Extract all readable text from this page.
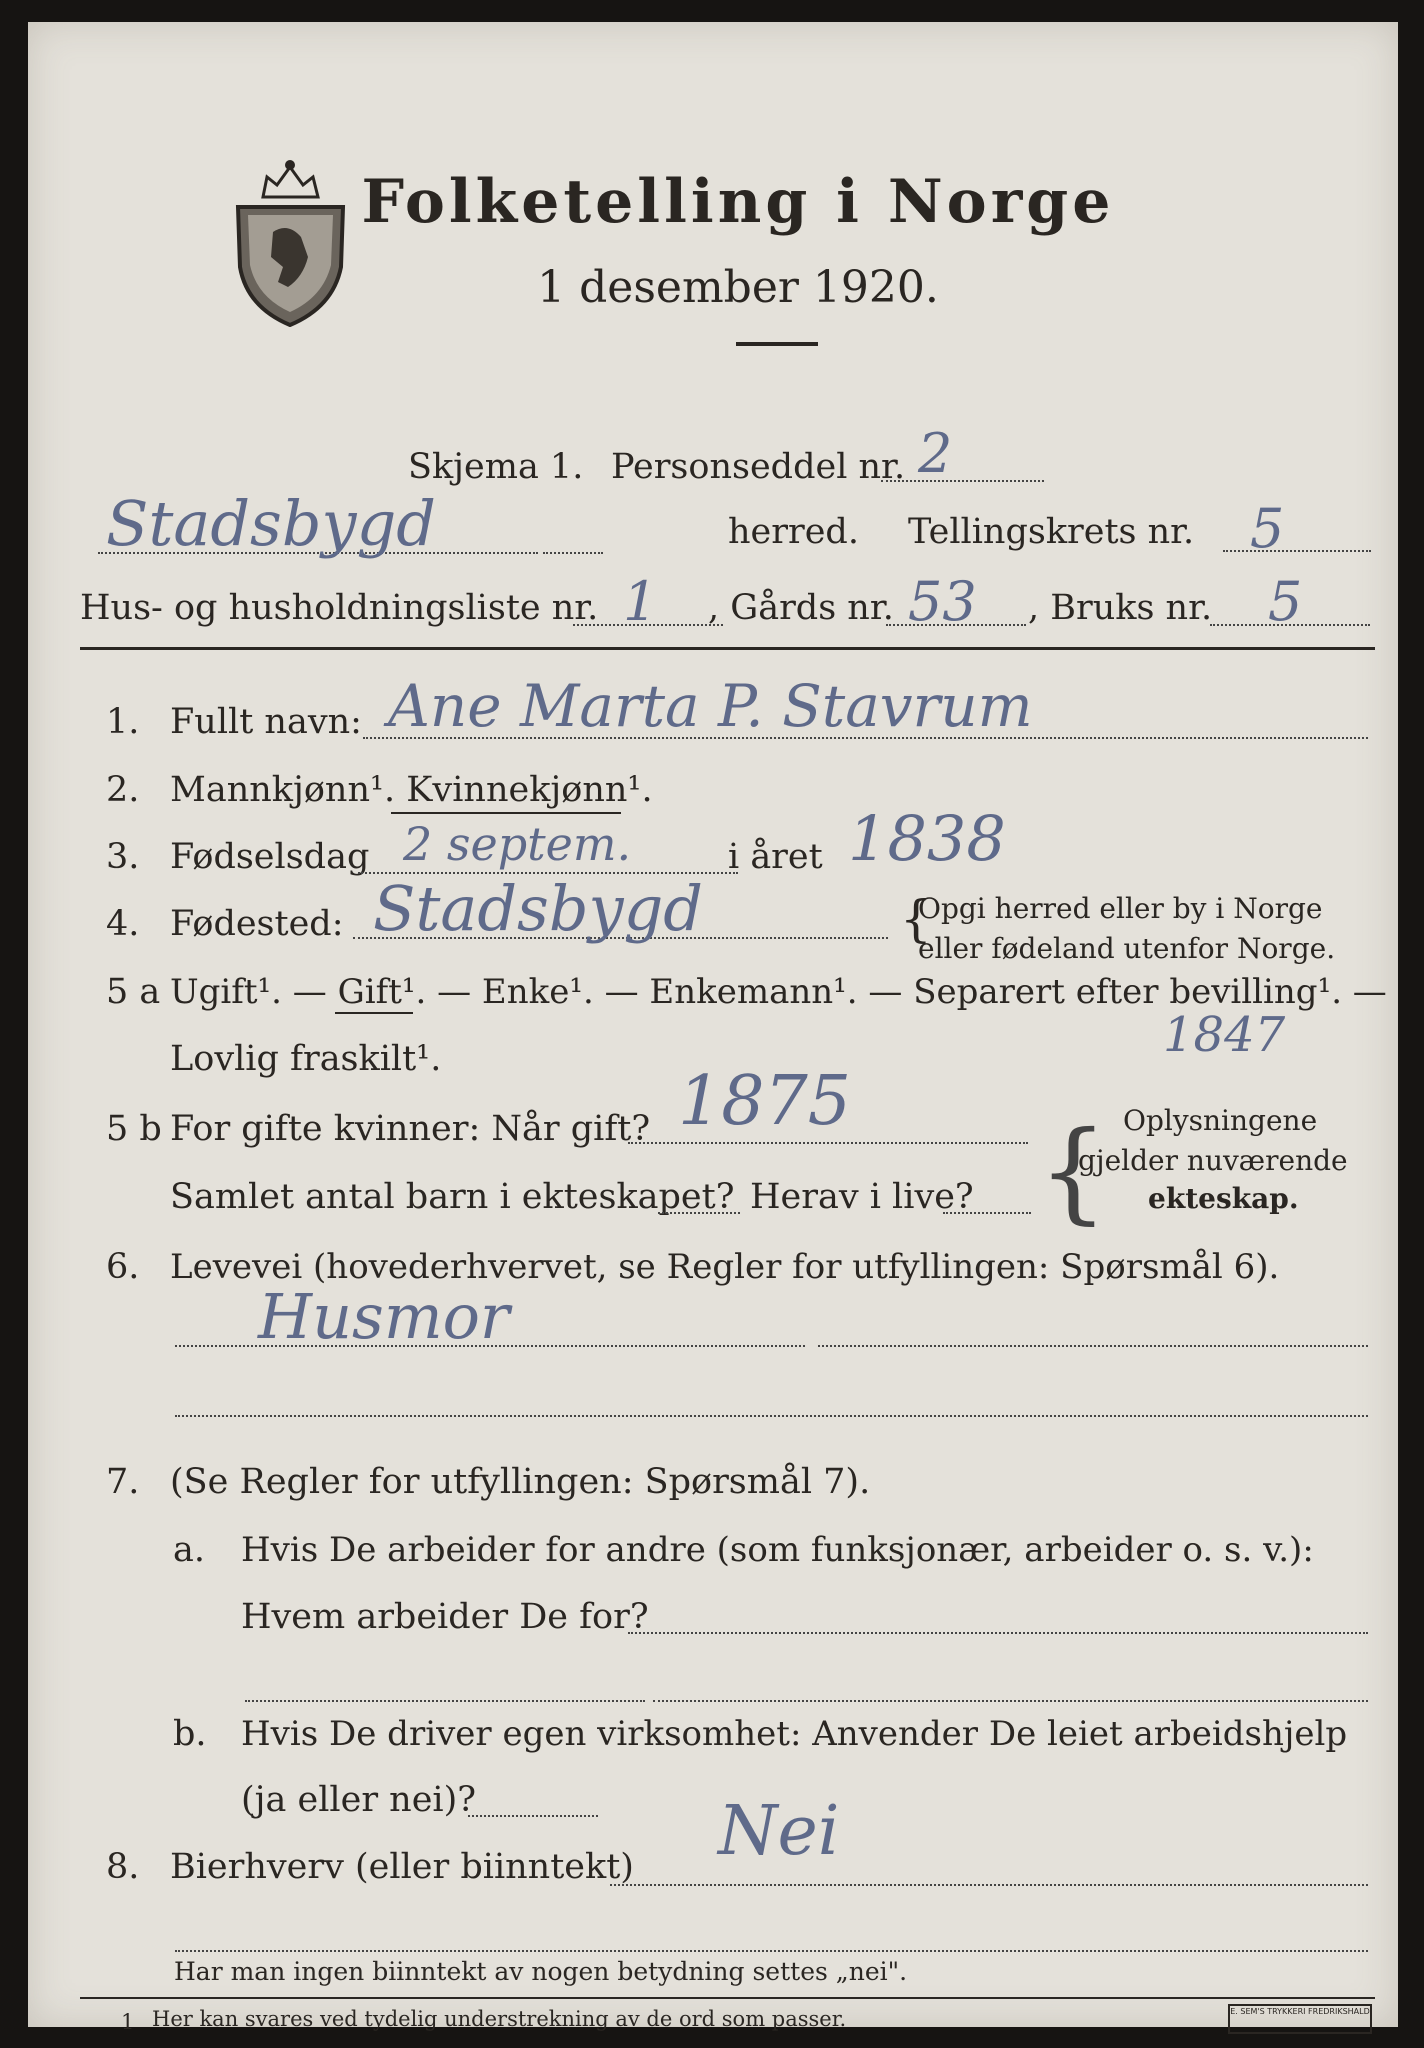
Folketelling i Norge
1 desember 1920.
Skjema 1. Personseddel nr. 2
Stadsbygd	herred. Tellingskrets nr. 5
Hus- og husholdningsliste nr. 1 , Gårds nr. 53 , Bruks nr. 5
1. Fullt navn: Ane Marta P. Stavrum
2. Mannkjønn¹. Kvinnekjønn¹.
3. Fødselsdag 2 septem.	i året 1838
4. Fødested: Stadsbygd	Opgi herred eller by i Norge
eller fødeland utenfor Norge.
{
5 a Ugift¹. — Gift¹. — Enke¹. — Enkemann¹. — Separert efter bevilling¹. —
Lovlig fraskilt¹.	1847
5 b For gifte kvinner: Når gift? 1875
Samlet antal barn i ekteskapet? Herav i live? { Oplysningene
gjelder nuværende
ekteskap.
6. Levevei (hovederhvervet, se Regler for utfyllingen: Spørsmål 6).
Husmor
7. (Se Regler for utfyllingen: Spørsmål 7).
a. Hvis De arbeider for andre (som funksjonær, arbeider o. s. v.):
Hvem arbeider De for?
b. Hvis De driver egen virksomhet: Anvender De leiet arbeidshjelp
(ja eller nei)?
8. Bierhverv (eller biinntekt) Nei
Har man ingen biinntekt av nogen betydning settes „nei".
1 Her kan svares ved tydelig understrekning av de ord som passer.	E. SEM'S TRYKKERI FREDRIKSHALD
